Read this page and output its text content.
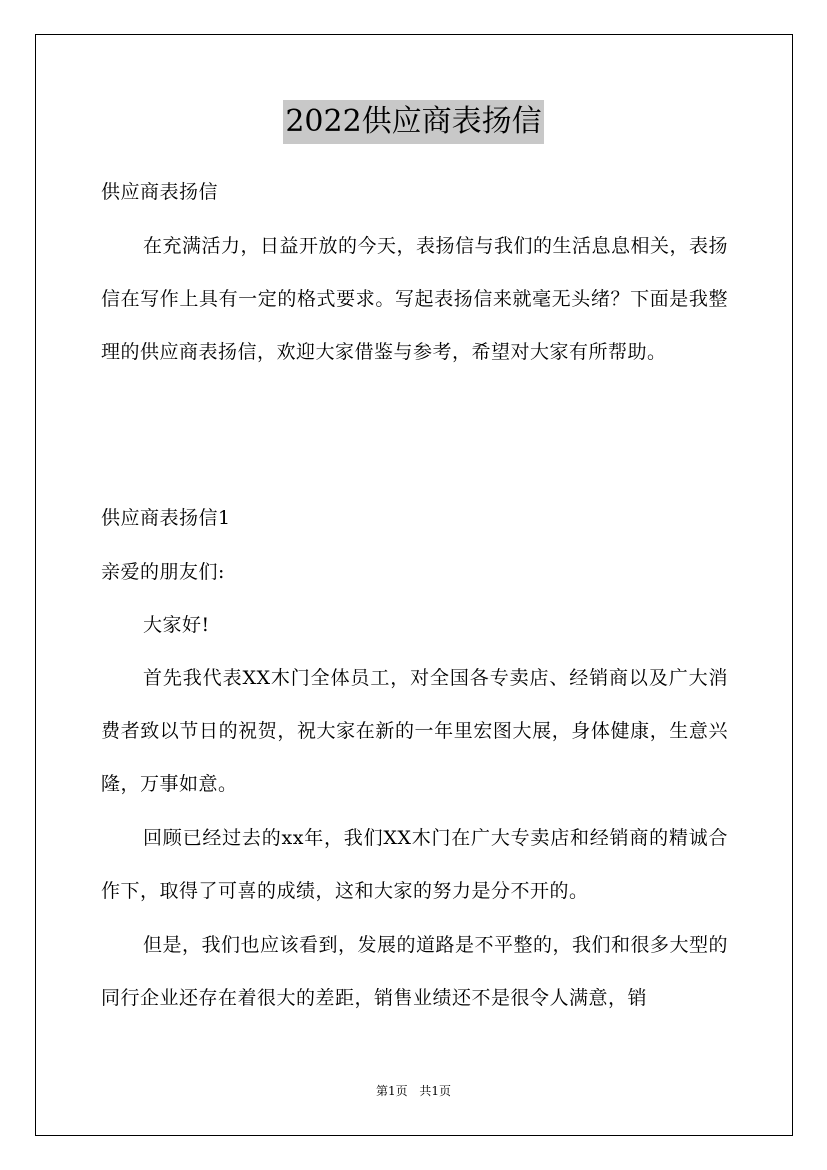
2022供应商表扬信
供应商表扬信
在充满活力，日益开放的今天，表扬信与我们的生活息息相关，表扬信在写作上具有一定的格式要求。写起表扬信来就毫无头绪？下面是我整理的供应商表扬信，欢迎大家借鉴与参考，希望对大家有所帮助。
供应商表扬信1
亲爱的朋友们:
大家好!
首先我代表XX木门全体员工，对全国各专卖店、经销商以及广大消费者致以节日的祝贺，祝大家在新的一年里宏图大展，身体健康，生意兴隆，万事如意。
回顾已经过去的xx年，我们XX木门在广大专卖店和经销商的精诚合作下，取得了可喜的成绩，这和大家的努力是分不开的。
但是，我们也应该看到，发展的道路是不平整的，我们和很多大型的同行企业还存在着很大的差距，销售业绩还不是很令人满意，销
第1页 共1页
